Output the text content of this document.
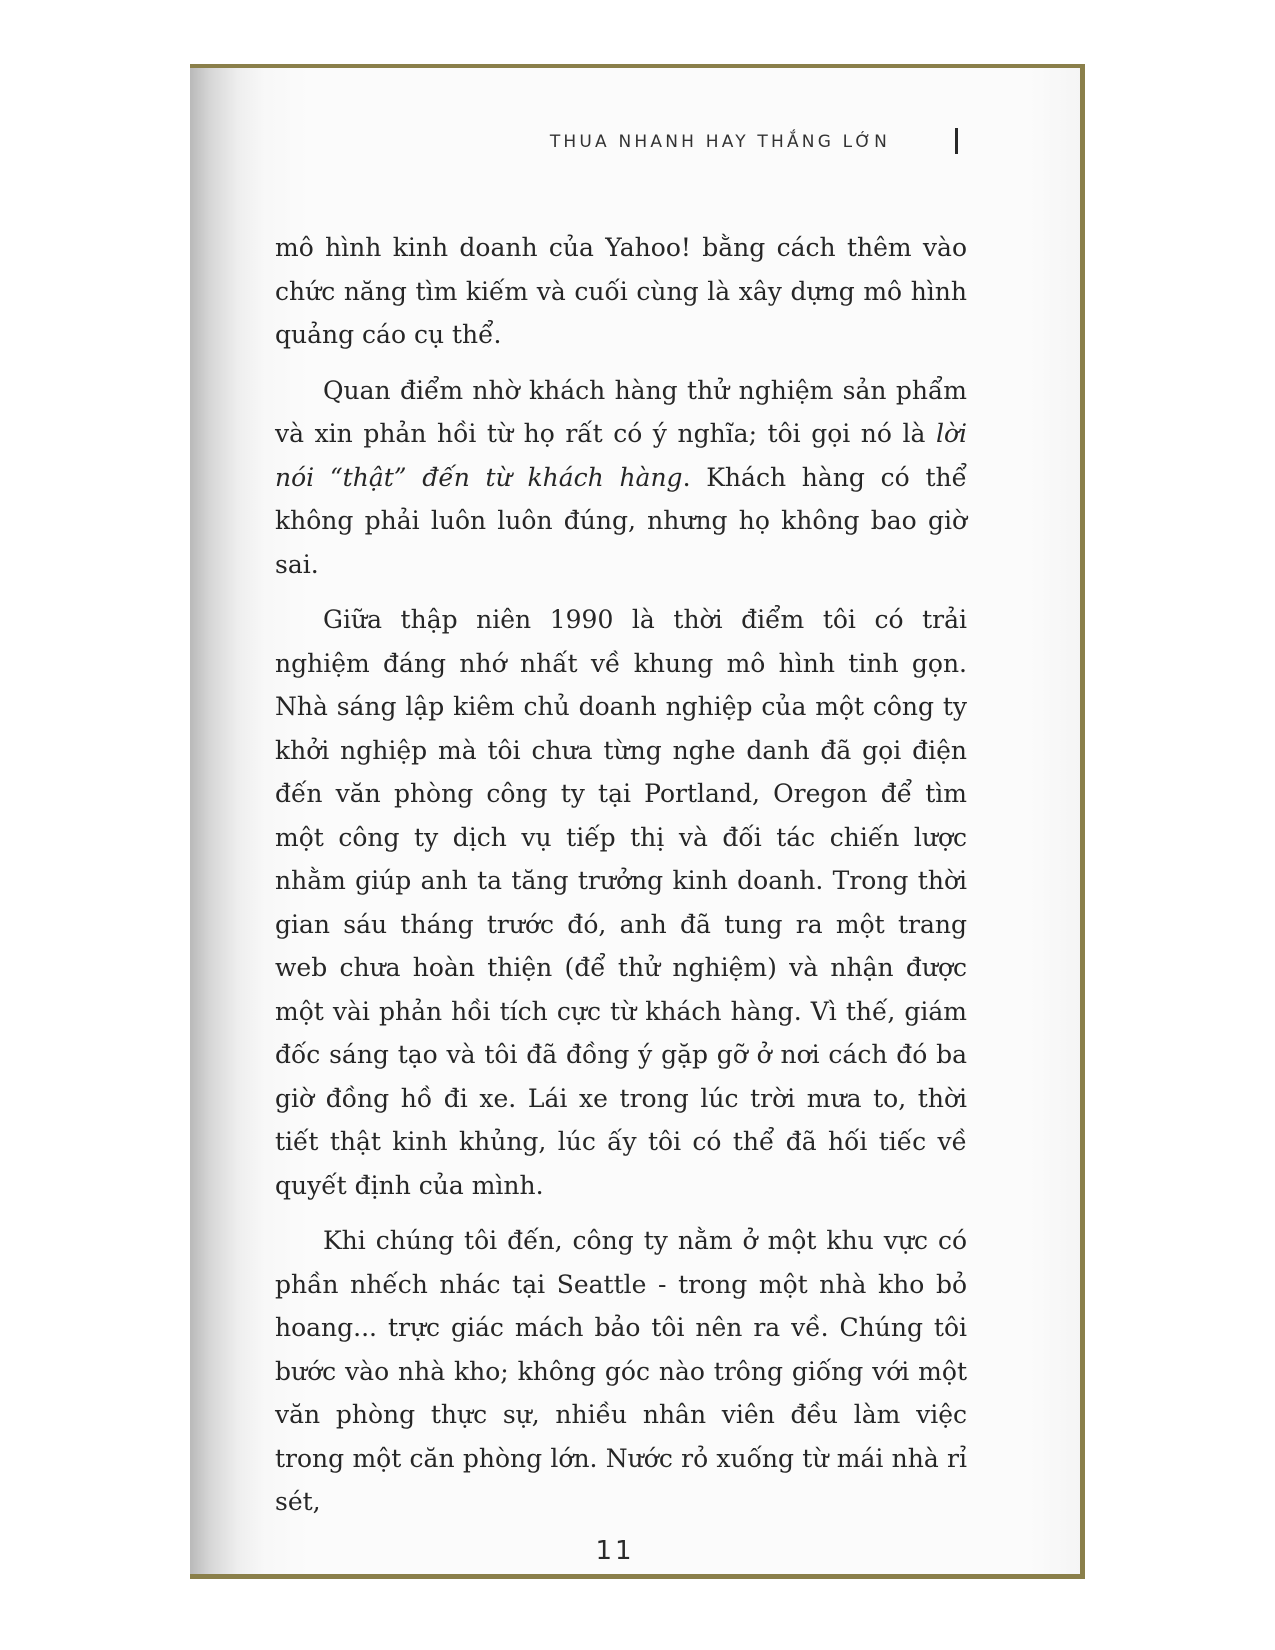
THUA NHANH HAY THẮNG LỚN

mô hình kinh doanh của Yahoo! bằng cách thêm vào chức năng tìm kiếm và cuối cùng là xây dựng mô hình quảng cáo cụ thể.

Quan điểm nhờ khách hàng thử nghiệm sản phẩm và xin phản hồi từ họ rất có ý nghĩa; tôi gọi nó là lời nói “thật” đến từ khách hàng. Khách hàng có thể không phải luôn luôn đúng, nhưng họ không bao giờ sai.

Giữa thập niên 1990 là thời điểm tôi có trải nghiệm đáng nhớ nhất về khung mô hình tinh gọn. Nhà sáng lập kiêm chủ doanh nghiệp của một công ty khởi nghiệp mà tôi chưa từng nghe danh đã gọi điện đến văn phòng công ty tại Portland, Oregon để tìm một công ty dịch vụ tiếp thị và đối tác chiến lược nhằm giúp anh ta tăng trưởng kinh doanh. Trong thời gian sáu tháng trước đó, anh đã tung ra một trang web chưa hoàn thiện (để thử nghiệm) và nhận được một vài phản hồi tích cực từ khách hàng. Vì thế, giám đốc sáng tạo và tôi đã đồng ý gặp gỡ ở nơi cách đó ba giờ đồng hồ đi xe. Lái xe trong lúc trời mưa to, thời tiết thật kinh khủng, lúc ấy tôi có thể đã hối tiếc về quyết định của mình.

Khi chúng tôi đến, công ty nằm ở một khu vực có phần nhếch nhác tại Seattle - trong một nhà kho bỏ hoang... trực giác mách bảo tôi nên ra về. Chúng tôi bước vào nhà kho; không góc nào trông giống với một văn phòng thực sự, nhiều nhân viên đều làm việc trong một căn phòng lớn. Nước rỏ xuống từ mái nhà rỉ sét,

11
